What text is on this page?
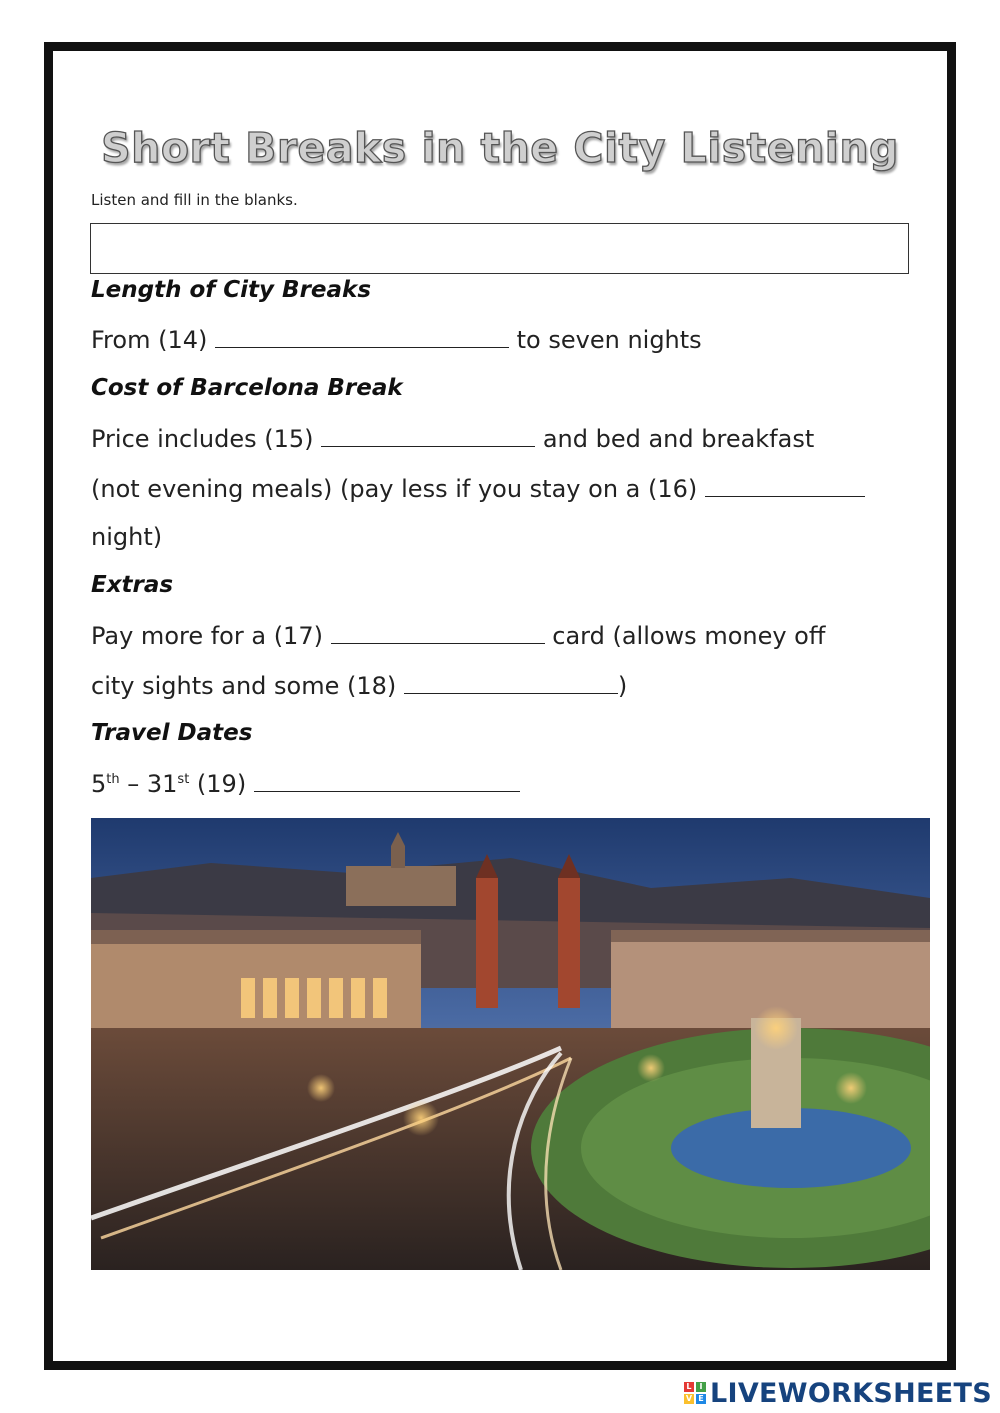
Short Breaks in the City Listening
Listen and fill in the blanks.
Length of City Breaks
From (14)	to seven nights
Cost of Barcelona Break
Price includes (15)	and bed and breakfast
(not evening meals) (pay less if you stay on a (16)
night)
Extras
Pay more for a (17)	card (allows money off
city sights and some (18)	)
Travel Dates
5th – 31st (19)
L I
V E LIVEWORKSHEETS
